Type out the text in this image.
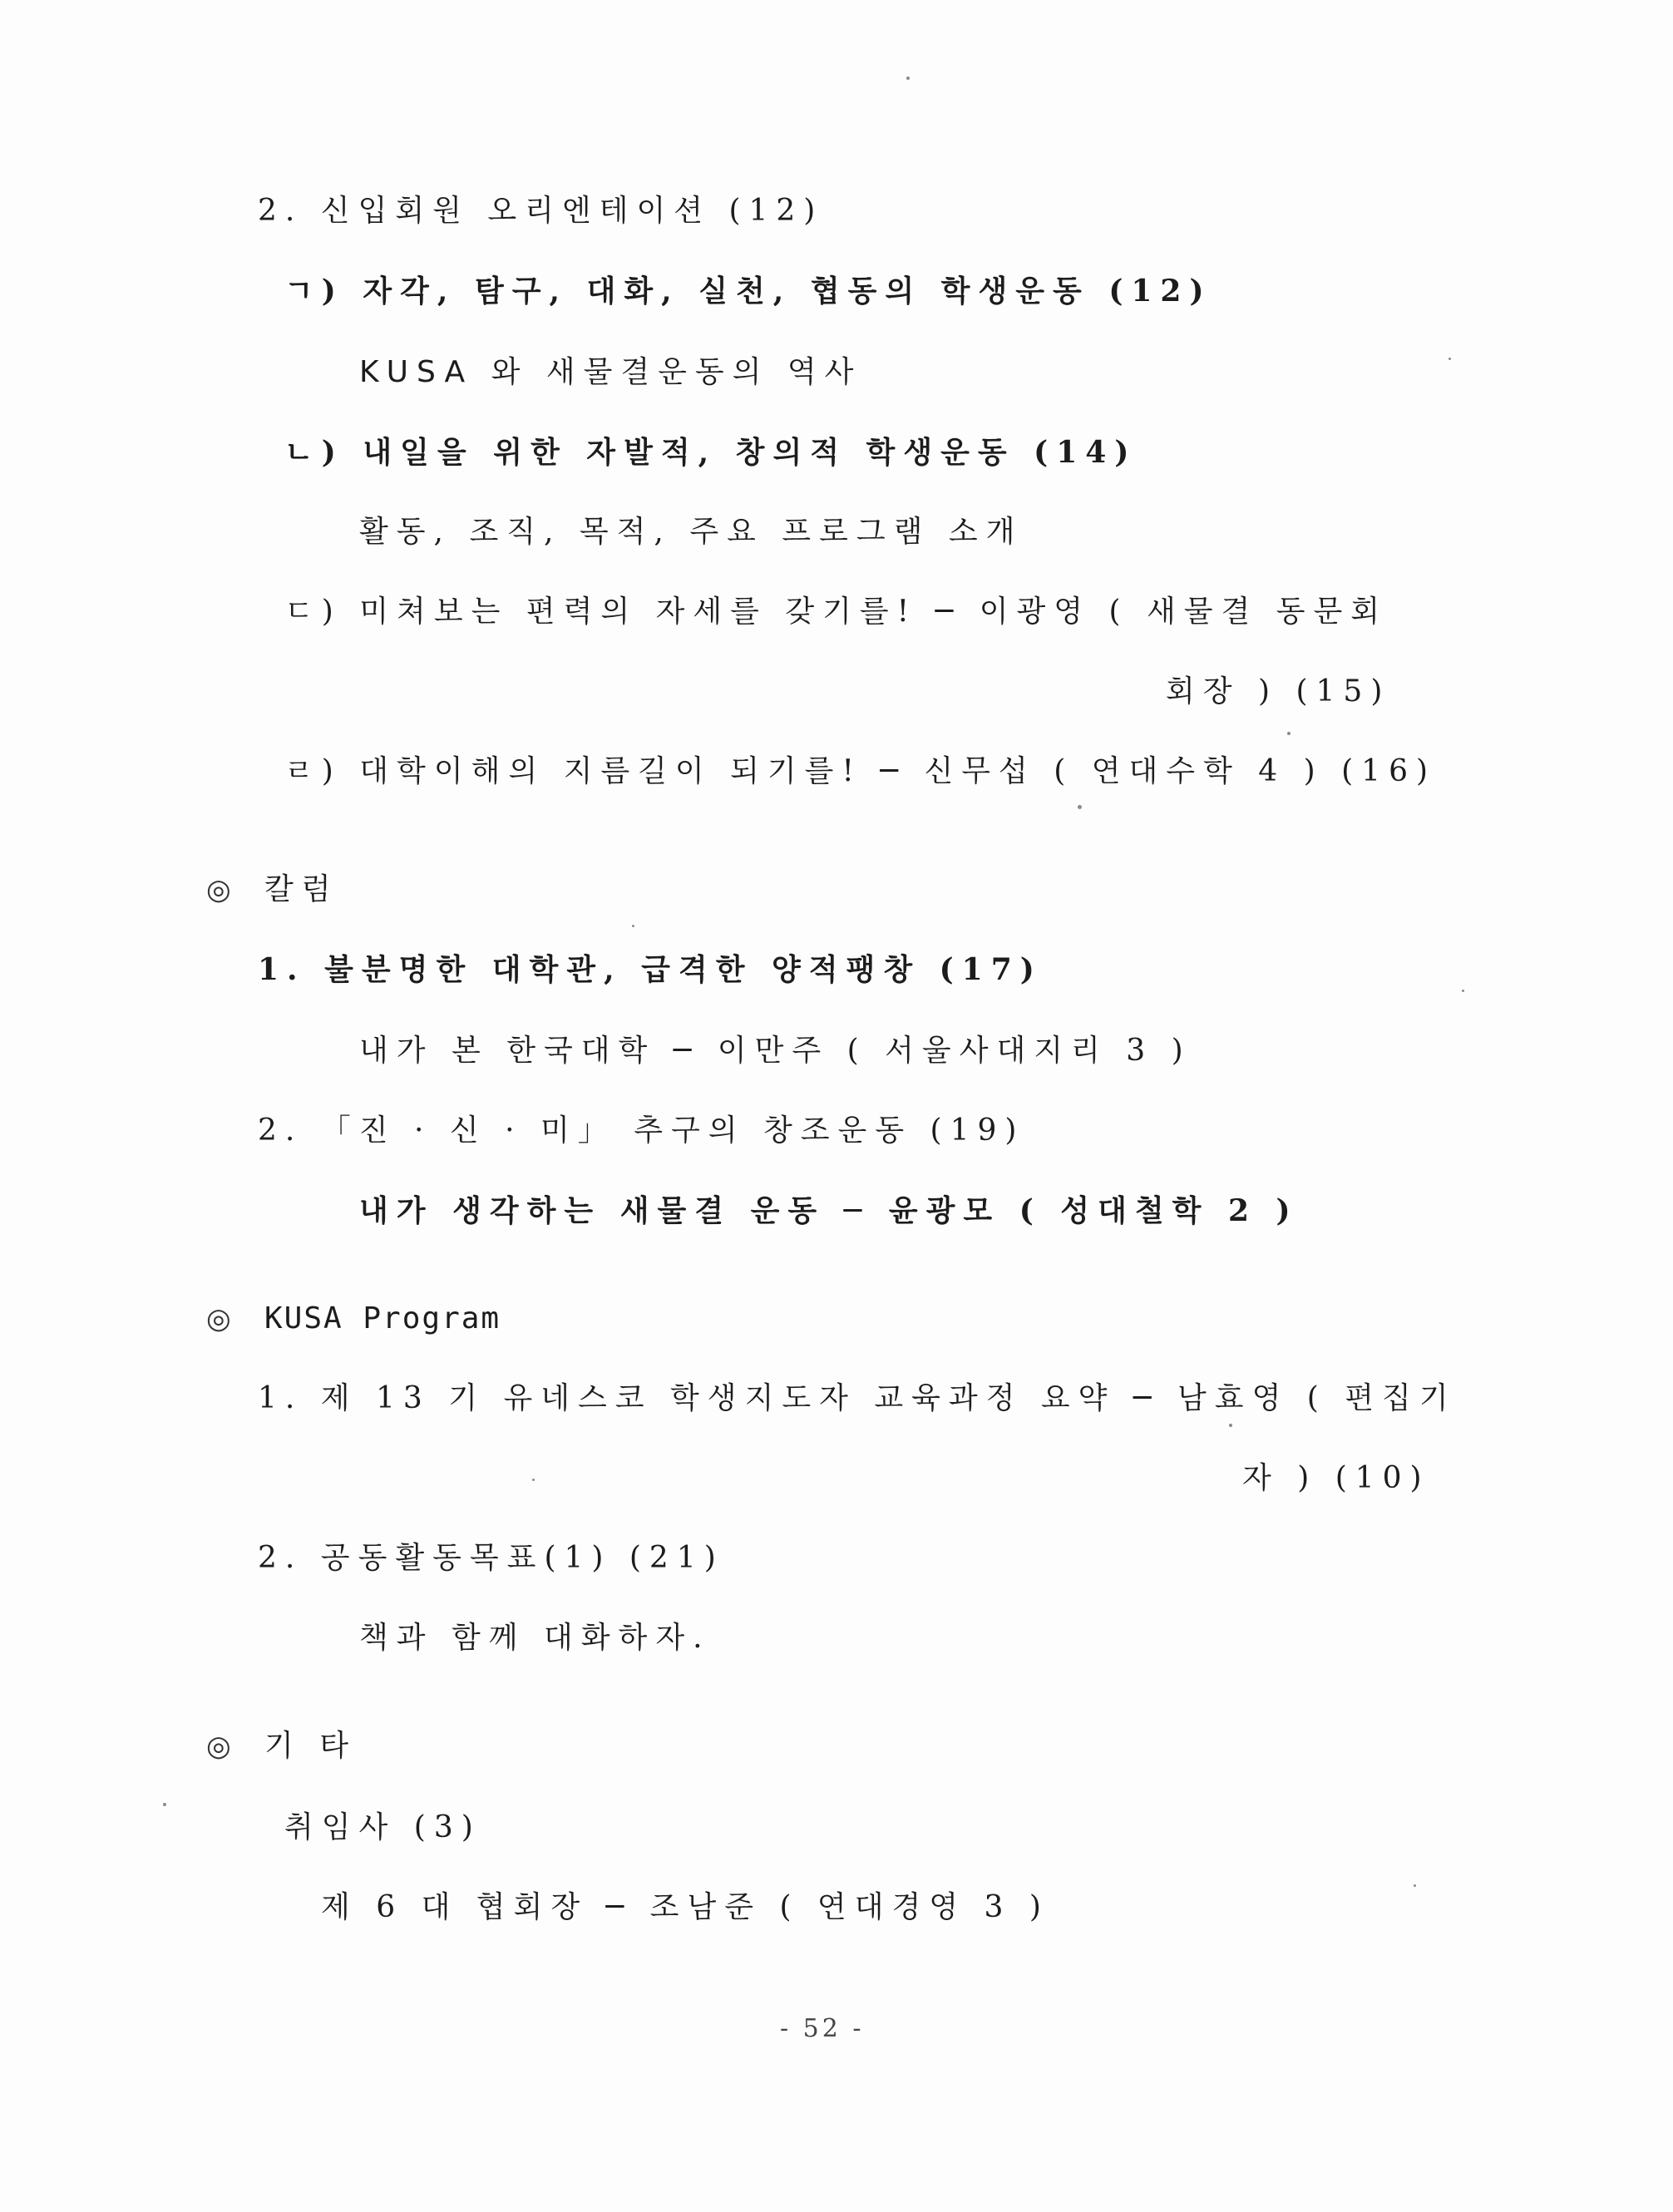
2. 신입회원 오리엔테이션 (12)
ㄱ) 자각, 탐구, 대화, 실천, 협동의 학생운동 (12)
KUSA 와 새물결운동의 역사
ㄴ) 내일을 위한 자발적, 창의적 학생운동 (14)
활동, 조직, 목적, 주요 프로그램 소개
ㄷ) 미쳐보는 편력의 자세를 갖기를! ─ 이광영 ( 새물결 동문회
회장 ) (15)
ㄹ) 대학이해의 지름길이 되기를! ─ 신무섭 ( 연대수학 4 ) (16)
◎ 칼럼
1. 불분명한 대학관, 급격한 양적팽창 (17)
내가 본 한국대학 ─ 이만주 ( 서울사대지리 3 )
2. 「진 · 신 · 미」 추구의 창조운동 (19)
내가 생각하는 새물결 운동 ─ 윤광모 ( 성대철학 2 )
◎ KUSA Program
1. 제 13 기 유네스코 학생지도자 교육과정 요약 ─ 남효영 ( 편집기
자 ) (10)
2. 공동활동목표(1) (21)
책과 함께 대화하자.
◎ 기 타
취임사 (3)
제 6 대 협회장 ─ 조남준 ( 연대경영 3 )
- 52 -
